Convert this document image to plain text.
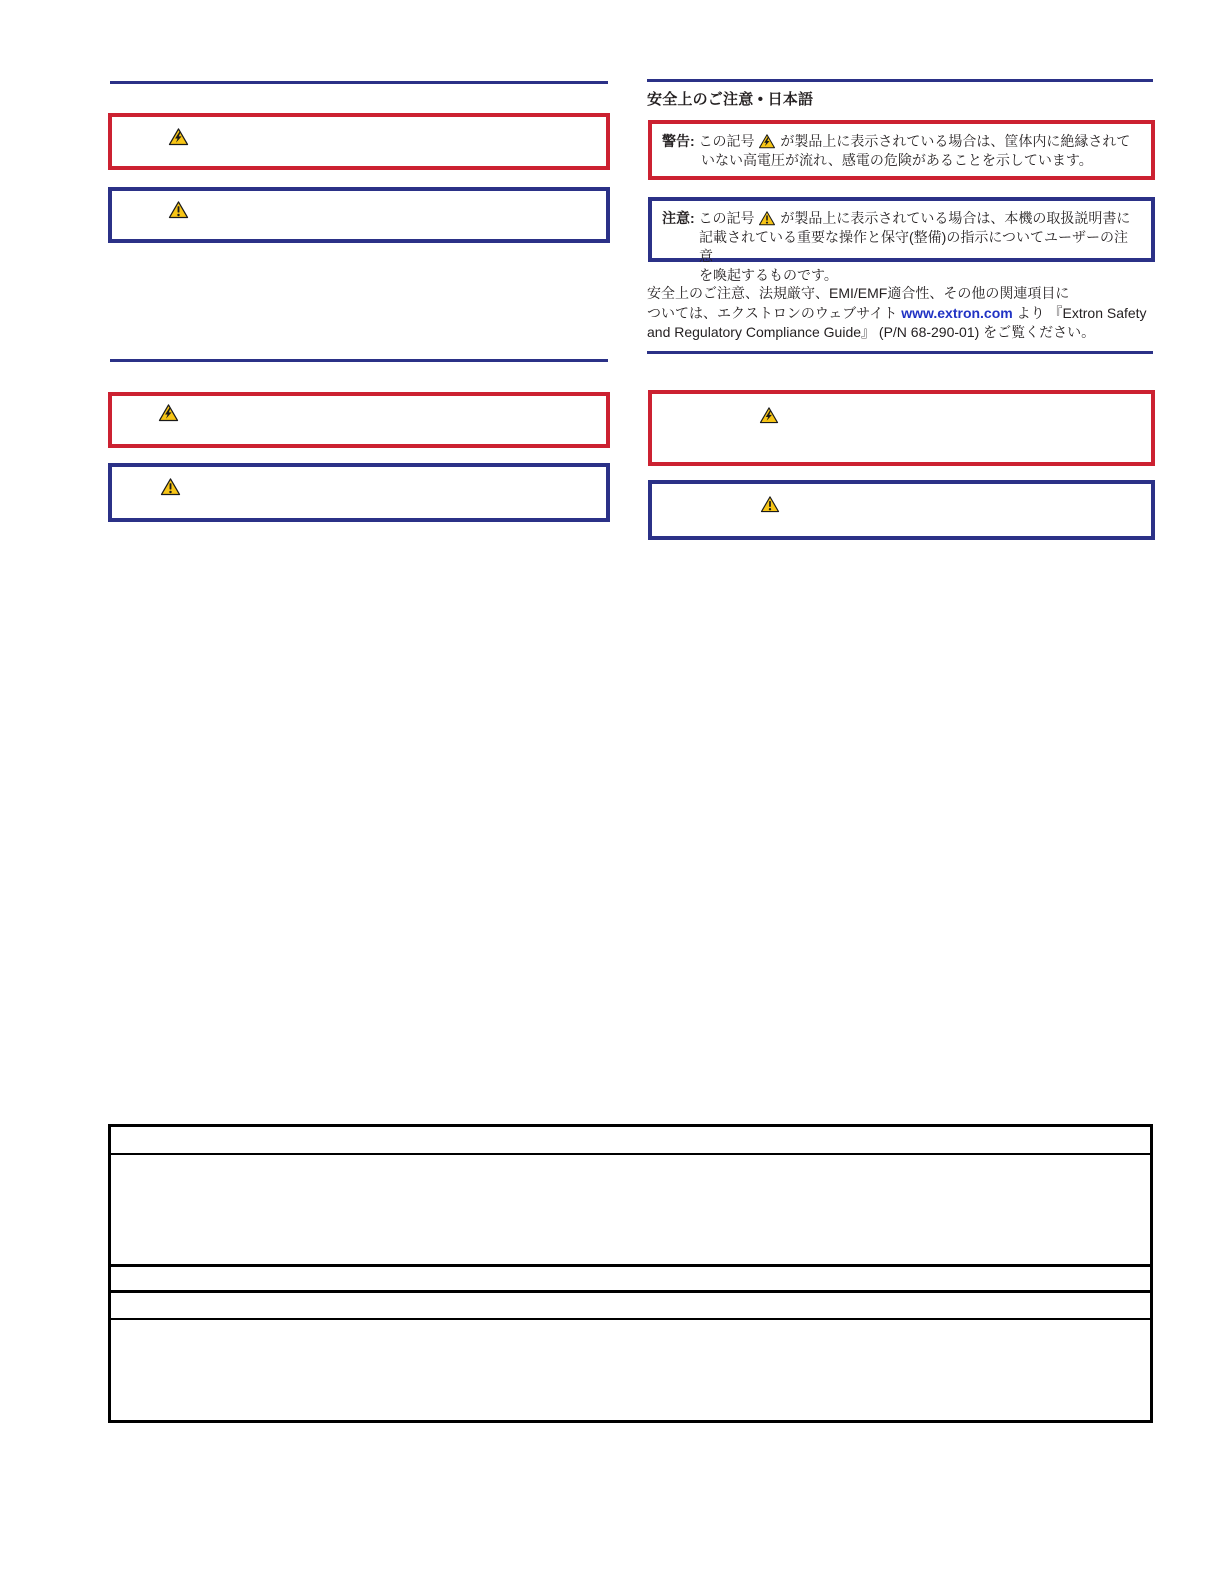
安全上のご注意 • 日本語
警告: この記号 が製品上に表示されている場合は、筐体内に絶縁されて
いない高電圧が流れ、感電の危険があることを示しています。
注意: この記号 が製品上に表示されている場合は、本機の取扱説明書に
記載されている重要な操作と保守(整備)の指示についてユーザーの注意
を喚起するものです。
安全上のご注意、法規厳守、EMI/EMF適合性、その他の関連項目に
ついては、エクストロンのウェブサイト www.extron.com より 『Extron Safety
and Regulatory Compliance Guide』 (P/N 68-290-01) をご覧ください。
